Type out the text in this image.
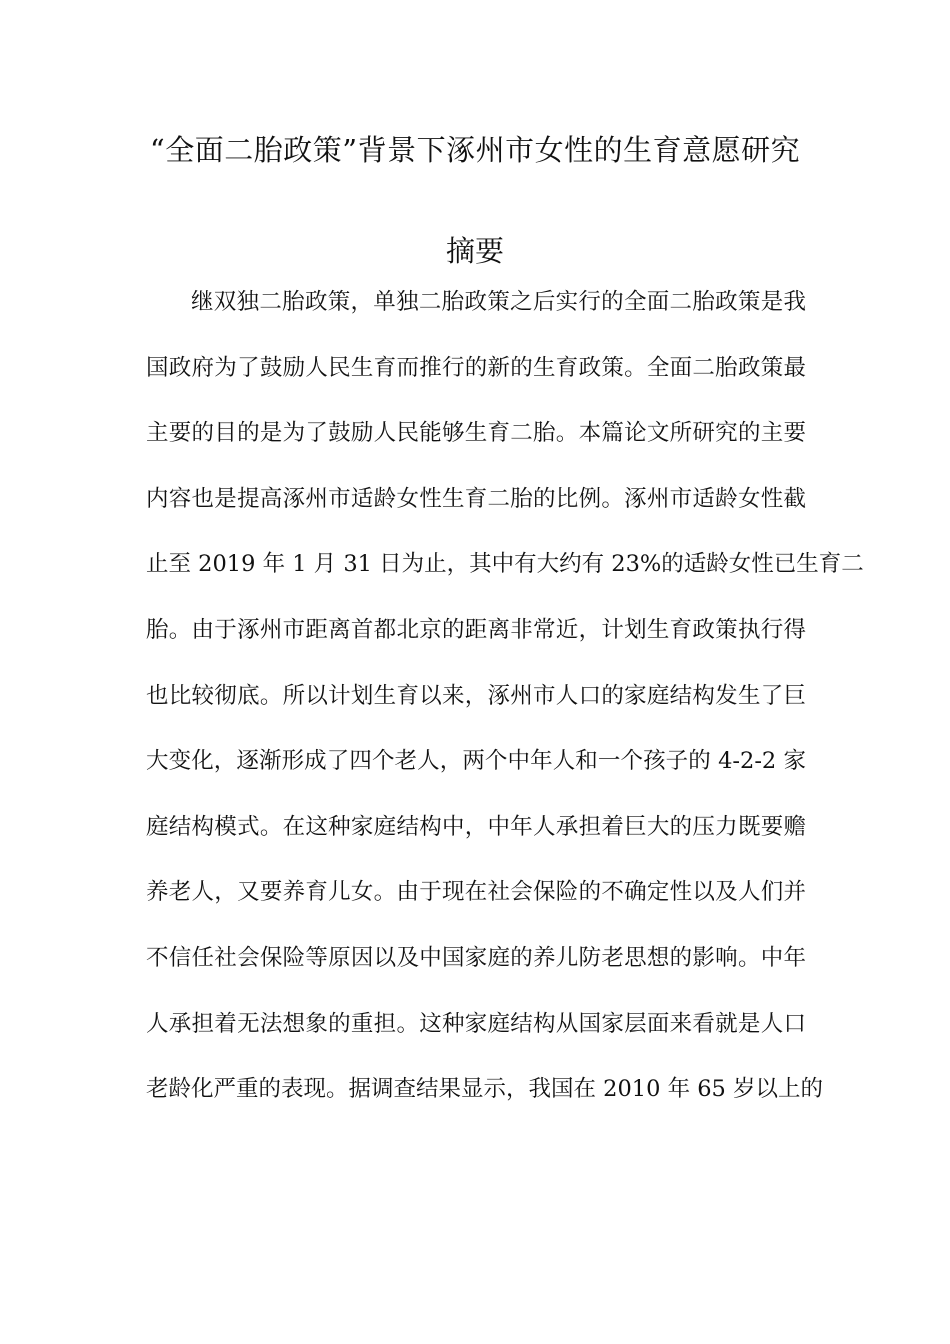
“全面二胎政策”背景下涿州市女性的生育意愿研究
摘要
继双独二胎政策，单独二胎政策之后实行的全面二胎政策是我
国政府为了鼓励人民生育而推行的新的生育政策。全面二胎政策最
主要的目的是为了鼓励人民能够生育二胎。本篇论文所研究的主要
内容也是提高涿州市适龄女性生育二胎的比例。涿州市适龄女性截
止至 2019 年 1 月 31 日为止，其中有大约有 23%的适龄女性已生育二
胎。由于涿州市距离首都北京的距离非常近，计划生育政策执行得
也比较彻底。所以计划生育以来，涿州市人口的家庭结构发生了巨
大变化，逐渐形成了四个老人，两个中年人和一个孩子的 4-2-2 家
庭结构模式。在这种家庭结构中，中年人承担着巨大的压力既要赡
养老人，又要养育儿女。由于现在社会保险的不确定性以及人们并
不信任社会保险等原因以及中国家庭的养儿防老思想的影响。中年
人承担着无法想象的重担。这种家庭结构从国家层面来看就是人口
老龄化严重的表现。据调查结果显示，我国在 2010 年 65 岁以上的
